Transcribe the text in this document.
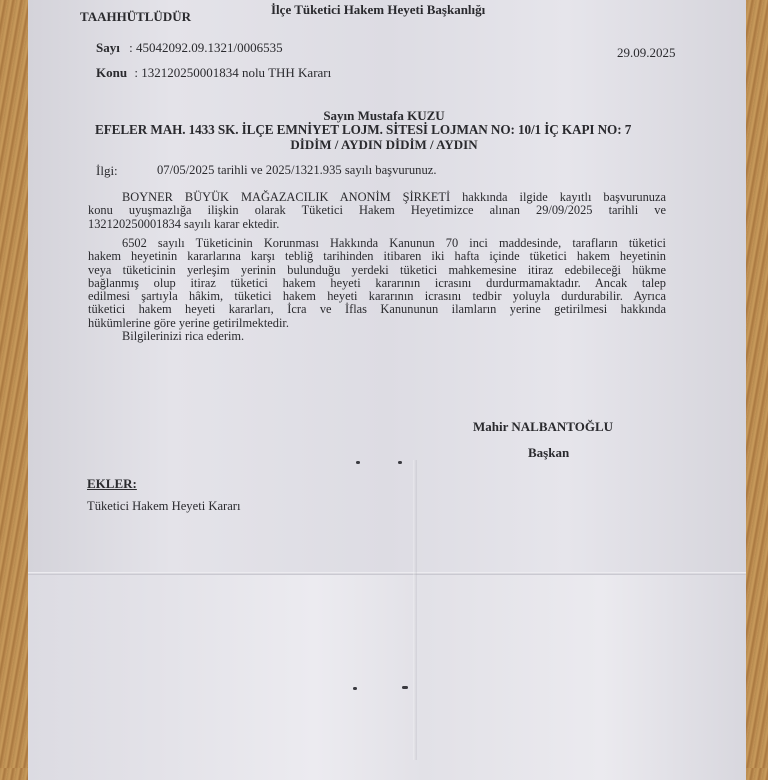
İlçe Tüketici Hakem Heyeti Başkanlığı
TAAHHÜTLÜDÜR
Sayı : 45042092.09.1321/0006535
Konu : 132120250001834 nolu THH Kararı
29.09.2025
Sayın Mustafa KUZU
EFELER MAH. 1433 SK. İLÇE EMNİYET LOJM. SİTESİ LOJMAN NO: 10/1 İÇ KAPI NO: 7
DİDİM / AYDIN DİDİM / AYDIN
İlgi:	07/05/2025 tarihli ve 2025/1321.935 sayılı başvurunuz.
BOYNER BÜYÜK MAĞAZACILIK ANONİM ŞİRKETİ hakkında ilgide kayıtlı başvurunuza
konu uyuşmazlığa ilişkin olarak Tüketici Hakem Heyetimizce alınan 29/09/2025 tarihli ve
132120250001834 sayılı karar ektedir.
6502 sayılı Tüketicinin Korunması Hakkında Kanunun 70 inci maddesinde, tarafların tüketici
hakem heyetinin kararlarına karşı tebliğ tarihinden itibaren iki hafta içinde tüketici hakem heyetinin
veya tüketicinin yerleşim yerinin bulunduğu yerdeki tüketici mahkemesine itiraz edebileceği hükme
bağlanmış olup itiraz tüketici hakem heyeti kararının icrasını durdurmamaktadır. Ancak talep
edilmesi şartıyla hâkim, tüketici hakem heyeti kararının icrasını tedbir yoluyla durdurabilir. Ayrıca
tüketici hakem heyeti kararları, İcra ve İflas Kanununun ilamların yerine getirilmesi hakkında
hükümlerine göre yerine getirilmektedir.
Bilgilerinizi rica ederim.
Mahir NALBANTOĞLU
Başkan
EKLER:
Tüketici Hakem Heyeti Kararı
